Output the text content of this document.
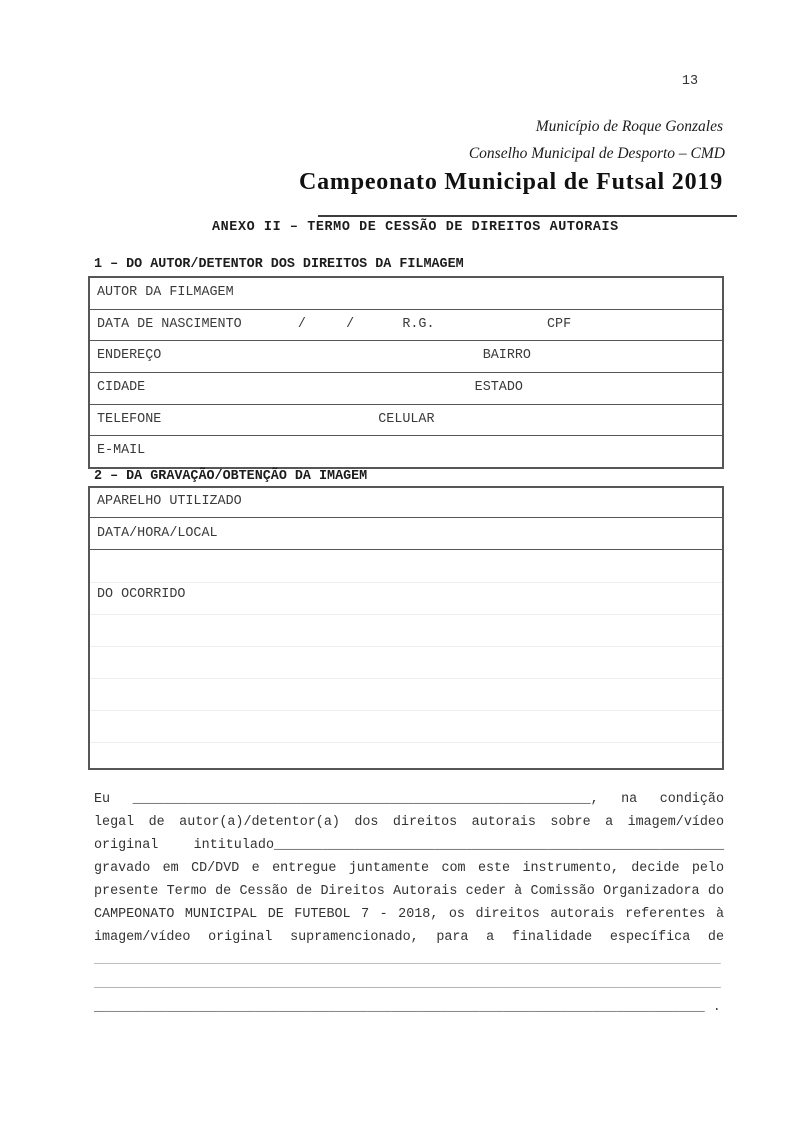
13
Município de Roque Gonzales
Conselho Municipal de Desporto – CMD
Campeonato Municipal de Futsal 2019
ANEXO II – TERMO DE CESSÃO DE DIREITOS AUTORAIS
1 – DO AUTOR/DETENTOR DOS DIREITOS DA FILMAGEM
AUTOR DA FILMAGEM
DATA DE NASCIMENTO       /     /      R.G.              CPF
ENDEREÇO                                        BAIRRO
CIDADE                                         ESTADO
TELEFONE                           CELULAR
E-MAIL
2 – DA GRAVAÇÃO/OBTENÇÃO DA IMAGEM
APARELHO UTILIZADO
DATA/HORA/LOCAL

DO OCORRIDO

Eu _________________________________________________________, na condição
legal de autor(a)/detentor(a) dos direitos autorais sobre a imagem/vídeo
original intitulado________________________________________________________
gravado em CD/DVD e entregue juntamente com este instrumento, decide pelo
presente Termo de Cessão de Direitos Autorais ceder à Comissão Organizadora do
CAMPEONATO MUNICIPAL DE FUTEBOL 7 - 2018, os direitos autorais referentes à
imagem/vídeo original supramencionado, para a finalidade específica de
______________________________________________________________________________
______________________________________________________________________________
____________________________________________________________________________ .
